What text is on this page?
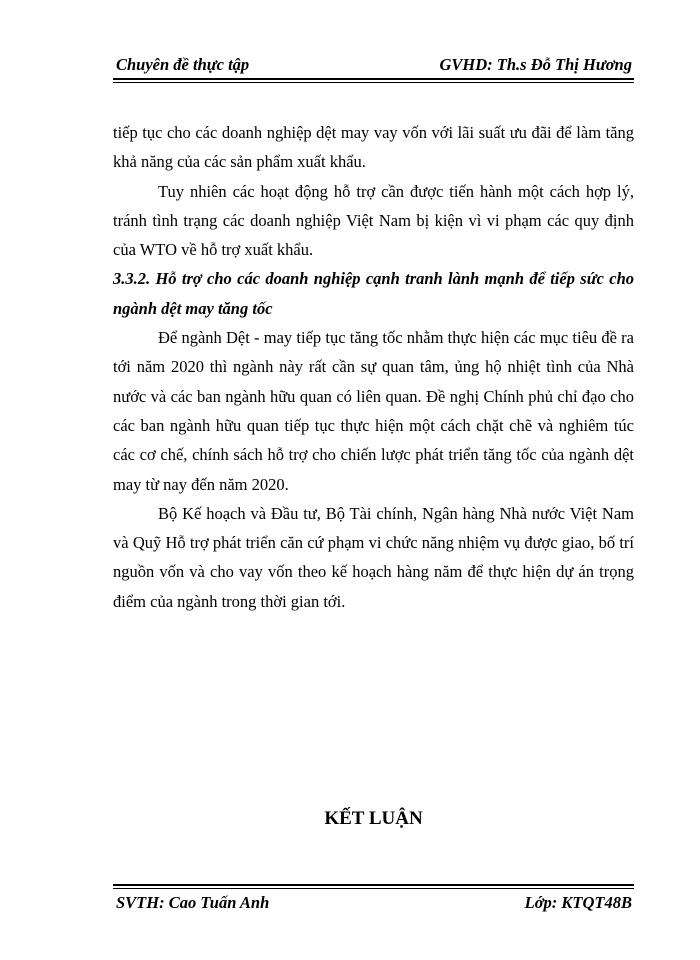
Chuyên đề thực tập	GVHD: Th.s Đỗ Thị Hương

tiếp tục cho các doanh nghiệp dệt may vay vốn với lãi suất ưu đãi để làm tăng khả năng của các sản phẩm xuất khẩu.

Tuy nhiên các hoạt động hỗ trợ cần được tiến hành một cách hợp lý, tránh tình trạng các doanh nghiệp Việt Nam bị kiện vì vi phạm các quy định của WTO về hỗ trợ xuất khẩu.

3.3.2. Hỗ trợ cho các doanh nghiệp cạnh tranh lành mạnh để tiếp sức cho ngành dệt may tăng tốc

Để ngành Dệt - may tiếp tục tăng tốc nhằm thực hiện các mục tiêu đề ra tới năm 2020 thì ngành này rất cần sự quan tâm, ủng hộ nhiệt tình của Nhà nước và các ban ngành hữu quan có liên quan. Đề nghị Chính phủ chỉ đạo cho các ban ngành hữu quan tiếp tục thực hiện một cách chặt chẽ và nghiêm túc các cơ chế, chính sách hỗ trợ cho chiến lược phát triển tăng tốc của ngành dệt may từ nay đến năm 2020.

Bộ Kế hoạch và Đầu tư, Bộ Tài chính, Ngân hàng Nhà nước Việt Nam và Quỹ Hỗ trợ phát triển căn cứ phạm vi chức năng nhiệm vụ được giao, bố trí nguồn vốn và cho vay vốn theo kế hoạch hàng năm để thực hiện dự án trọng điểm của ngành trong thời gian tới.

KẾT LUẬN
SVTH: Cao Tuấn Anh	Lớp: KTQT48B
